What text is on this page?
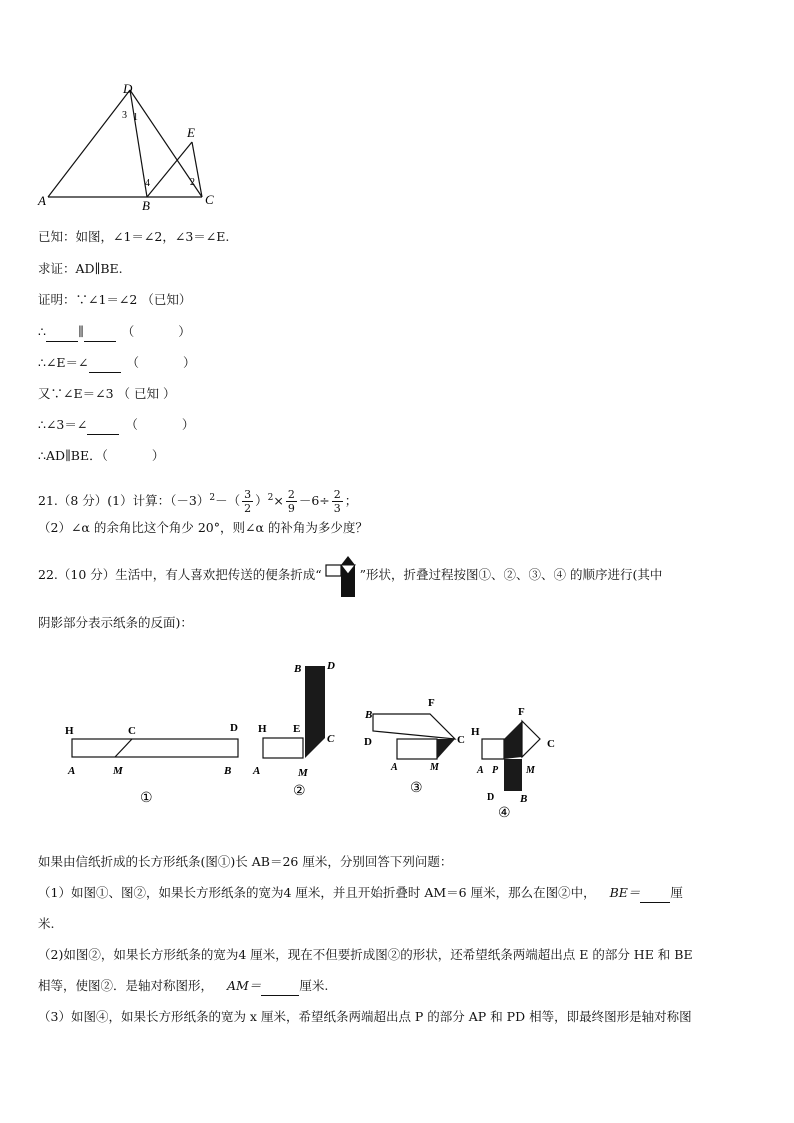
D
E
A	B	C
1
3
4	2
已知：如图，∠1＝∠2，∠3＝∠E.
求证：AD∥BE.
证明：∵∠1＝∠2 （已知）
∴	∥	（	）
∴∠E＝∠	（	）
又∵∠E＝∠3 （ 已知 ）
∴∠3＝∠	（	）
∴AD∥BE．（	）
21.（8 分）(1）计算：$(-3)^2-( \frac{3}{2} )^2\times \frac{2}{9} -6\div \frac{2}{3}$ ；
（2）∠α 的余角比这个角少 20°，则∠α 的补角为多少度？
22.（10 分）生活中，有人喜欢把传送的便条折成“	”形状，折叠过程按图①、②、③、④ 的顺序进行(其中
阴影部分表示纸条的反面)：
H	C	D
A	M	B
①
B D
H E
C
A	M
②
B
F
C
D
A	M
③
H
F
C
A P	M
D B
④
如果由信纸折成的长方形纸条(图①)长 AB＝26 厘米，分别回答下列问题：
（1）如图①、图②，如果长方形纸条的宽为4 厘米，并且开始折叠时 AM＝6 厘米，那么在图②中， BE＝ 厘
米.
（2)如图②，如果长方形纸条的宽为4 厘米，现在不但要折成图②的形状，还希望纸条两端超出点 E 的部分 HE 和 BE
相等，使图②．是轴对称图形， AM＝	厘米.
（3）如图④，如果长方形纸条的宽为 x 厘米，希望纸条两端超出点 P 的部分 AP 和 PD 相等，即最终图形是轴对称图
